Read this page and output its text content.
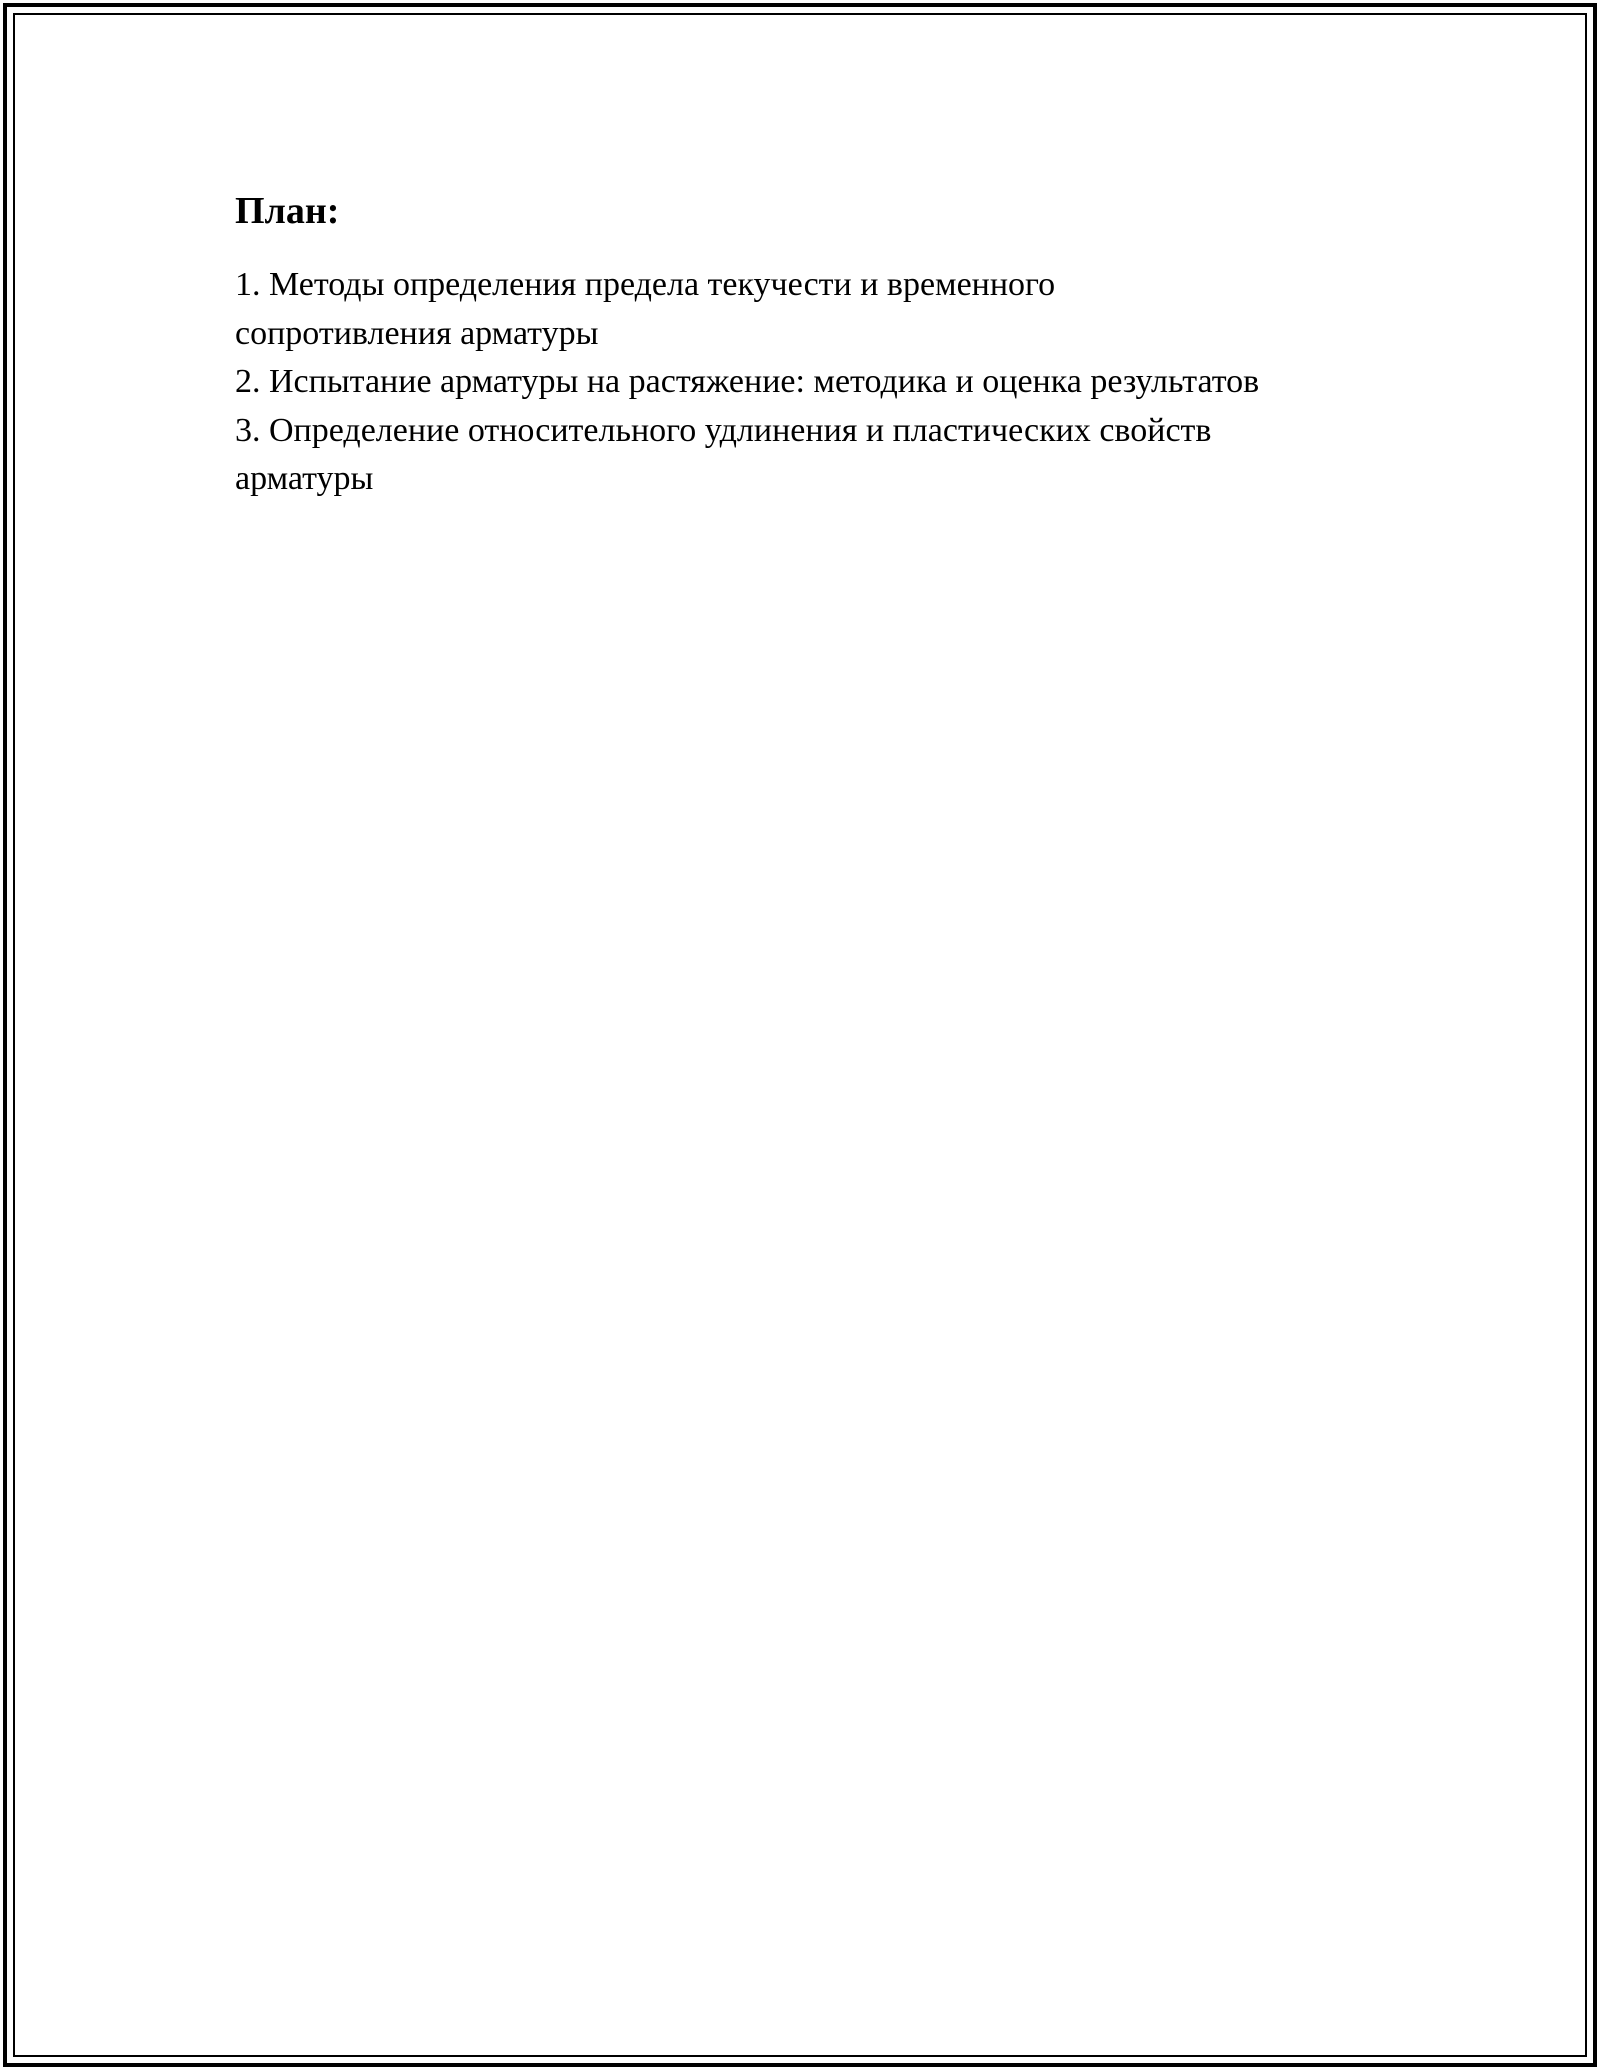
План:
1. Методы определения предела текучести и временного сопротивления арматуры
2. Испытание арматуры на растяжение: методика и оценка результатов
3. Определение относительного удлинения и пластических свойств арматуры
